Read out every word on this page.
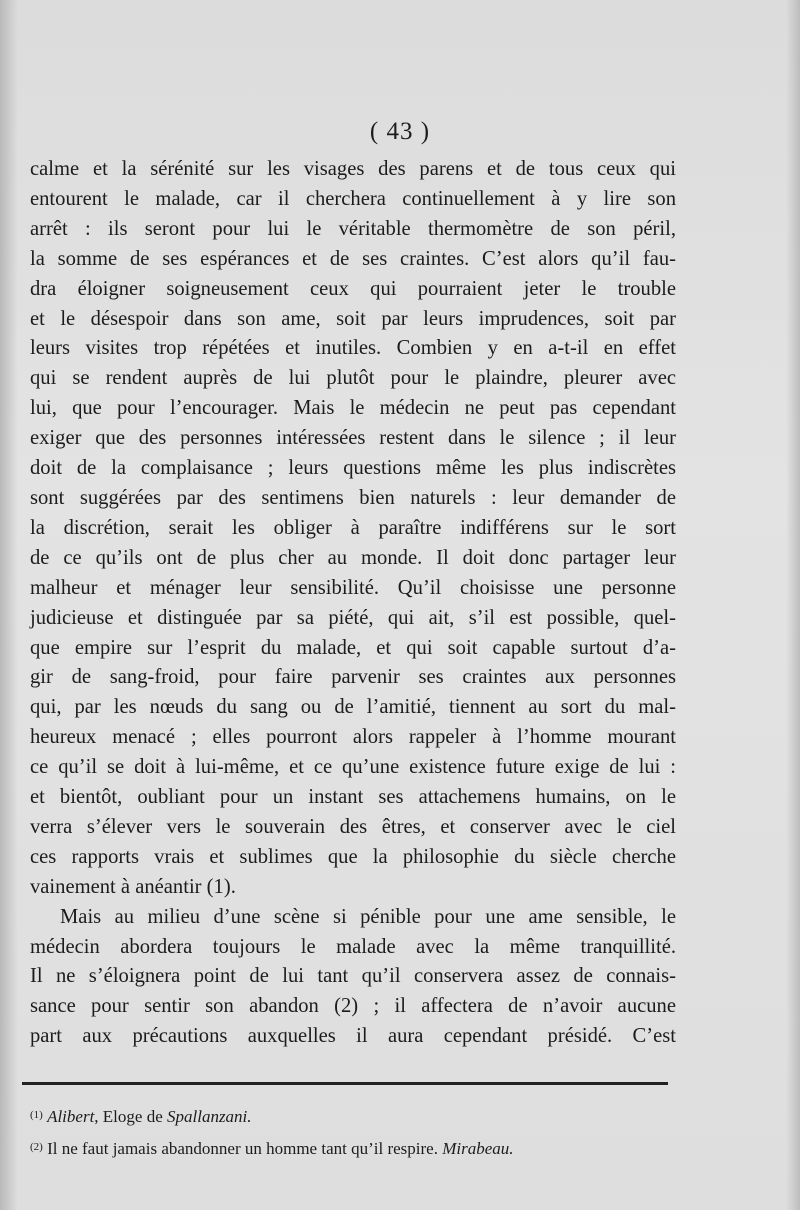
( 43 )
calme et la sérénité sur les visages des parens et de tous ceux qui
entourent le malade, car il cherchera continuellement à y lire son
arrêt : ils seront pour lui le véritable thermomètre de son péril,
la somme de ses espérances et de ses craintes. C’est alors qu’il fau-
dra éloigner soigneusement ceux qui pourraient jeter le trouble
et le désespoir dans son ame, soit par leurs imprudences, soit par
leurs visites trop répétées et inutiles. Combien y en a-t-il en effet
qui se rendent auprès de lui plutôt pour le plaindre, pleurer avec
lui, que pour l’encourager. Mais le médecin ne peut pas cependant
exiger que des personnes intéressées restent dans le silence ; il leur
doit de la complaisance ; leurs questions même les plus indiscrètes
sont suggérées par des sentimens bien naturels : leur demander de
la discrétion, serait les obliger à paraître indifférens sur le sort
de ce qu’ils ont de plus cher au monde. Il doit donc partager leur
malheur et ménager leur sensibilité. Qu’il choisisse une personne
judicieuse et distinguée par sa piété, qui ait, s’il est possible, quel-
que empire sur l’esprit du malade, et qui soit capable surtout d’a-
gir de sang-froid, pour faire parvenir ses craintes aux personnes
qui, par les nœuds du sang ou de l’amitié, tiennent au sort du mal-
heureux menacé ; elles pourront alors rappeler à l’homme mourant
ce qu’il se doit à lui-même, et ce qu’une existence future exige de lui :
et bientôt, oubliant pour un instant ses attachemens humains, on le
verra s’élever vers le souverain des êtres, et conserver avec le ciel
ces rapports vrais et sublimes que la philosophie du siècle cherche
vainement à anéantir (1).
Mais au milieu d’une scène si pénible pour une ame sensible, le
médecin abordera toujours le malade avec la même tranquillité.
Il ne s’éloignera point de lui tant qu’il conservera assez de connais-
sance pour sentir son abandon (2) ; il affectera de n’avoir aucune
part aux précautions auxquelles il aura cependant présidé. C’est
$^{(1)}$ Alibert, Eloge de Spallanzani.
$^{(2)}$ Il ne faut jamais abandonner un homme tant qu’il respire. Mirabeau.
